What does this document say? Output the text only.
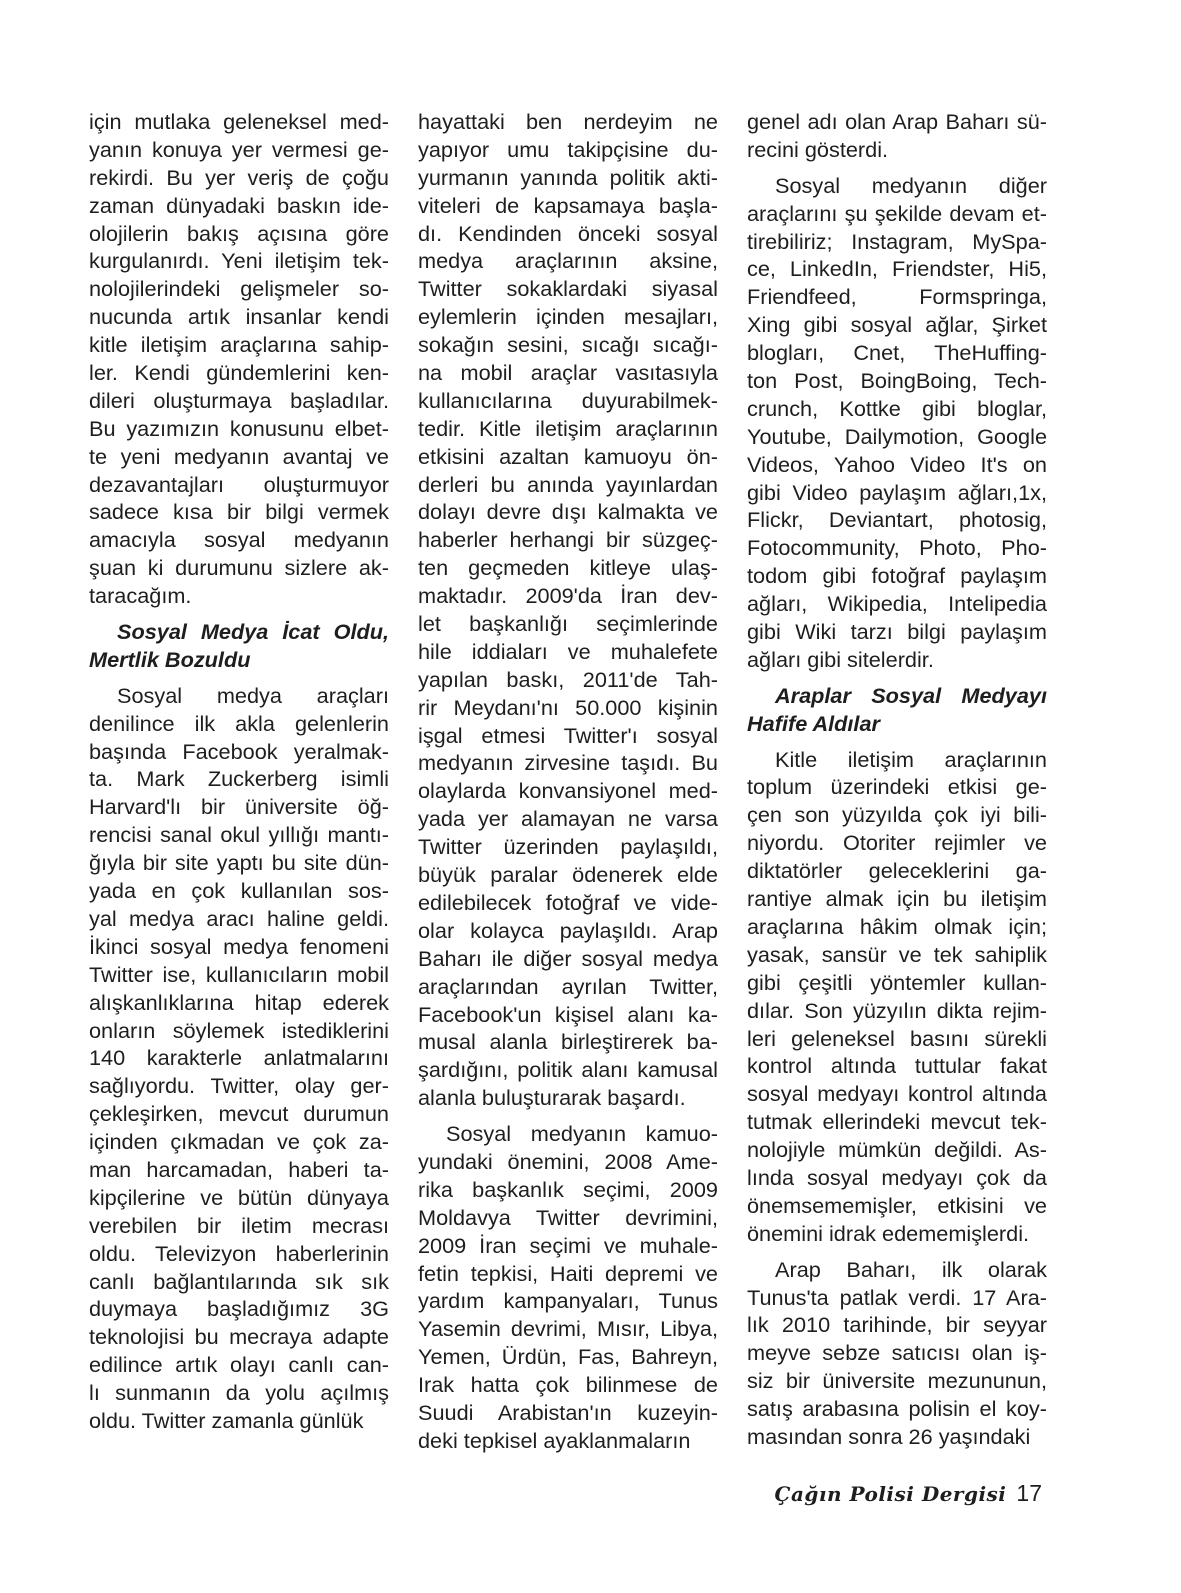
için mutlaka geleneksel med-
yanın konuya yer vermesi ge-
rekirdi. Bu yer veriş de çoğu
zaman dünyadaki baskın ide-
olojilerin bakış açısına göre
kurgulanırdı. Yeni iletişim tek-
nolojilerindeki gelişmeler so-
nucunda artık insanlar kendi
kitle iletişim araçlarına sahip-
ler. Kendi gündemlerini ken-
dileri oluşturmaya başladılar.
Bu yazımızın konusunu elbet-
te yeni medyanın avantaj ve
dezavantajları oluşturmuyor
sadece kısa bir bilgi vermek
amacıyla sosyal medyanın
şuan ki durumunu sizlere ak-
taracağım.
Sosyal Medya İcat Oldu,
Mertlik Bozuldu
Sosyal medya araçları
denilince ilk akla gelenlerin
başında Facebook yeralmak-
ta. Mark Zuckerberg isimli
Harvard'lı bir üniversite öğ-
rencisi sanal okul yıllığı mantı-
ğıyla bir site yaptı bu site dün-
yada en çok kullanılan sos-
yal medya aracı haline geldi.
İkinci sosyal medya fenomeni
Twitter ise, kullanıcıların mobil
alışkanlıklarına hitap ederek
onların söylemek istediklerini
140 karakterle anlatmalarını
sağlıyordu. Twitter, olay ger-
çekleşirken, mevcut durumun
içinden çıkmadan ve çok za-
man harcamadan, haberi ta-
kipçilerine ve bütün dünyaya
verebilen bir iletim mecrası
oldu. Televizyon haberlerinin
canlı bağlantılarında sık sık
duymaya başladığımız 3G
teknolojisi bu mecraya adapte
edilince artık olayı canlı can-
lı sunmanın da yolu açılmış
oldu. Twitter zamanla günlük
hayattaki ben nerdeyim ne
yapıyor umu takipçisine du-
yurmanın yanında politik akti-
viteleri de kapsamaya başla-
dı. Kendinden önceki sosyal
medya araçlarının aksine,
Twitter sokaklardaki siyasal
eylemlerin içinden mesajları,
sokağın sesini, sıcağı sıcağı-
na mobil araçlar vasıtasıyla
kullanıcılarına duyurabilmek-
tedir. Kitle iletişim araçlarının
etkisini azaltan kamuoyu ön-
derleri bu anında yayınlardan
dolayı devre dışı kalmakta ve
haberler herhangi bir süzgeç-
ten geçmeden kitleye ulaş-
maktadır. 2009'da İran dev-
let başkanlığı seçimlerinde
hile iddiaları ve muhalefete
yapılan baskı, 2011'de Tah-
rir Meydanı'nı 50.000 kişinin
işgal etmesi Twitter'ı sosyal
medyanın zirvesine taşıdı. Bu
olaylarda konvansiyonel med-
yada yer alamayan ne varsa
Twitter üzerinden paylaşıldı,
büyük paralar ödenerek elde
edilebilecek fotoğraf ve vide-
olar kolayca paylaşıldı. Arap
Baharı ile diğer sosyal medya
araçlarından ayrılan Twitter,
Facebook'un kişisel alanı ka-
musal alanla birleştirerek ba-
şardığını, politik alanı kamusal
alanla buluşturarak başardı.
Sosyal medyanın kamuo-
yundaki önemini, 2008 Ame-
rika başkanlık seçimi, 2009
Moldavya Twitter devrimini,
2009 İran seçimi ve muhale-
fetin tepkisi, Haiti depremi ve
yardım kampanyaları, Tunus
Yasemin devrimi, Mısır, Libya,
Yemen, Ürdün, Fas, Bahreyn,
Irak hatta çok bilinmese de
Suudi Arabistan'ın kuzeyin-
deki tepkisel ayaklanmaların
genel adı olan Arap Baharı sü-
recini gösterdi.
Sosyal medyanın diğer
araçlarını şu şekilde devam et-
tirebiliriz; Instagram, MySpa-
ce, LinkedIn, Friendster, Hi5,
Friendfeed, Formspringa,
Xing gibi sosyal ağlar, Şirket
blogları, Cnet, TheHuffing-
ton Post, BoingBoing, Tech-
crunch, Kottke gibi bloglar,
Youtube, Dailymotion, Google
Videos, Yahoo Video It's on
gibi Video paylaşım ağları,1x,
Flickr, Deviantart, photosig,
Fotocommunity, Photo, Pho-
todom gibi fotoğraf paylaşım
ağları, Wikipedia, Intelipedia
gibi Wiki tarzı bilgi paylaşım
ağları gibi sitelerdir.
Araplar Sosyal Medyayı
Hafife Aldılar
Kitle iletişim araçlarının
toplum üzerindeki etkisi ge-
çen son yüzyılda çok iyi bili-
niyordu. Otoriter rejimler ve
diktatörler geleceklerini ga-
rantiye almak için bu iletişim
araçlarına hâkim olmak için;
yasak, sansür ve tek sahiplik
gibi çeşitli yöntemler kullan-
dılar. Son yüzyılın dikta rejim-
leri geleneksel basını sürekli
kontrol altında tuttular fakat
sosyal medyayı kontrol altında
tutmak ellerindeki mevcut tek-
nolojiyle mümkün değildi. As-
lında sosyal medyayı çok da
önemsememişler, etkisini ve
önemini idrak edememişlerdi.
Arap Baharı, ilk olarak
Tunus'ta patlak verdi. 17 Ara-
lık 2010 tarihinde, bir seyyar
meyve sebze satıcısı olan iş-
siz bir üniversite mezununun,
satış arabasına polisin el koy-
masından sonra 26 yaşındaki
Çağın Polisi Dergisi 17
